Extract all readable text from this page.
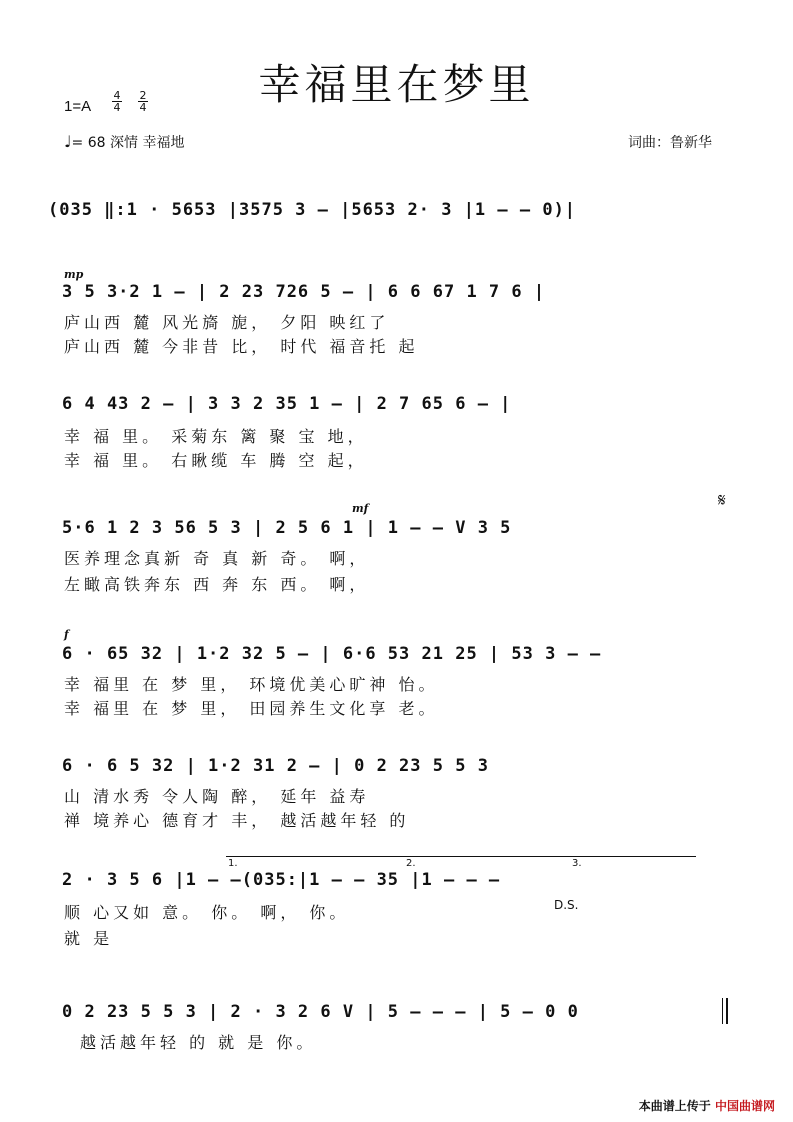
幸福里在梦里
1=A
4
4
2
4
♩= 68 深情 幸福地	词曲：鲁新华
(035 ‖:1 · 5653 |3575 3 – |5653 2· 3 |1 – – 0)|
mp
3 5 3·2 1 – | 2 23 726 5 – | 6 6 67 1 7 6 |
庐山西 麓 风光旖 旎， 夕阳 映红了
庐山西 麓 今非昔 比， 时代 福音托 起
6 4 43 2 – | 3 3 2 35 1 – | 2 7 65 6 – |
幸 福 里。 采菊东 篱 聚 宝 地，
幸 福 里。 右瞅缆 车 腾 空 起，
mf	𝄋
5·6 1 2 3 56 5 3 | 2 5 6 1 | 1 – – V 3 5
医养理念真新 奇 真 新 奇。 啊，
左瞰高铁奔东 西 奔 东 西。 啊，
f
6 · 65 32 | 1·2 32 5 – | 6·6 53 21 25 | 53 3 – –
幸 福里 在 梦 里， 环境优美心旷神 怡。
幸 福里 在 梦 里， 田园养生文化享 老。
6 · 6 5 32 | 1·2 31 2 – | 0 2 23 5 5 3
山 清水秀 令人陶 醉， 延年 益寿
禅 境养心 德育才 丰， 越活越年轻 的
1.	2.	3.
2 · 3 5 6 |1 – –(035:|1 – – 35 |1 – – –
D.S.
顺 心又如 意。 你。 啊， 你。
就 是
0 2 23 5 5 3 | 2 · 3 2 6 V | 5 – – – | 5 – 0 0
越活越年轻 的 就 是 你。
本曲谱上传于 中国曲谱网
